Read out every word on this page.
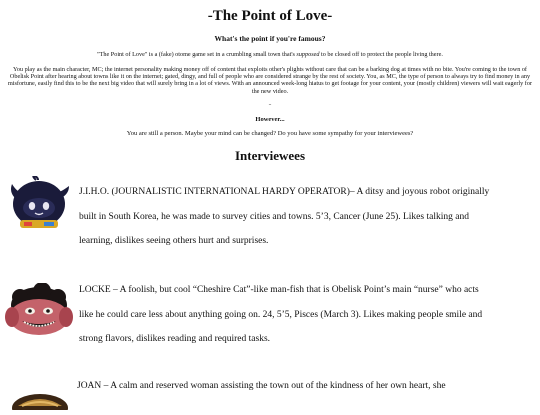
-The Point of Love-
What's the point if you're famous?
"The Point of Love" is a (fake) otome game set in a crumbling small town that's supposed to be closed off to protect the people living there.
You play as the main character, MC; the internet personality making money off of content that exploits other's plights without care that can be a barking dog at times with no bite. You're coming to the town of Obelisk Point after hearing about towns like it on the internet; gated, dingy, and full of people who are considered strange by the rest of society. You, as MC, the type of person to always try to find money in any misfortune, easily find this to be the next big video that will surely bring in a lot of views. With an announced week-long hiatus to get footage for your content, your (mostly children) viewers will wait eagerly for the new video.
..
However...
You are still a person. Maybe your mind can be changed? Do you have some sympathy for your interviewees?
Interviewees
J.I.H.O. (JOURNALISTIC INTERNATIONAL HARDY OPERATOR)– A ditsy and joyous robot originally built in South Korea, he was made to survey cities and towns. 5’3, Cancer (June 25). Likes talking and learning, dislikes seeing others hurt and surprises.
LOCKE – A foolish, but cool “Cheshire Cat”-like man-fish that is Obelisk Point’s main “nurse” who acts like he could care less about anything going on. 24, 5’5, Pisces (March 3). Likes making people smile and strong flavors, dislikes reading and required tasks.
JOAN – A calm and reserved woman assisting the town out of the kindness of her own heart, she
